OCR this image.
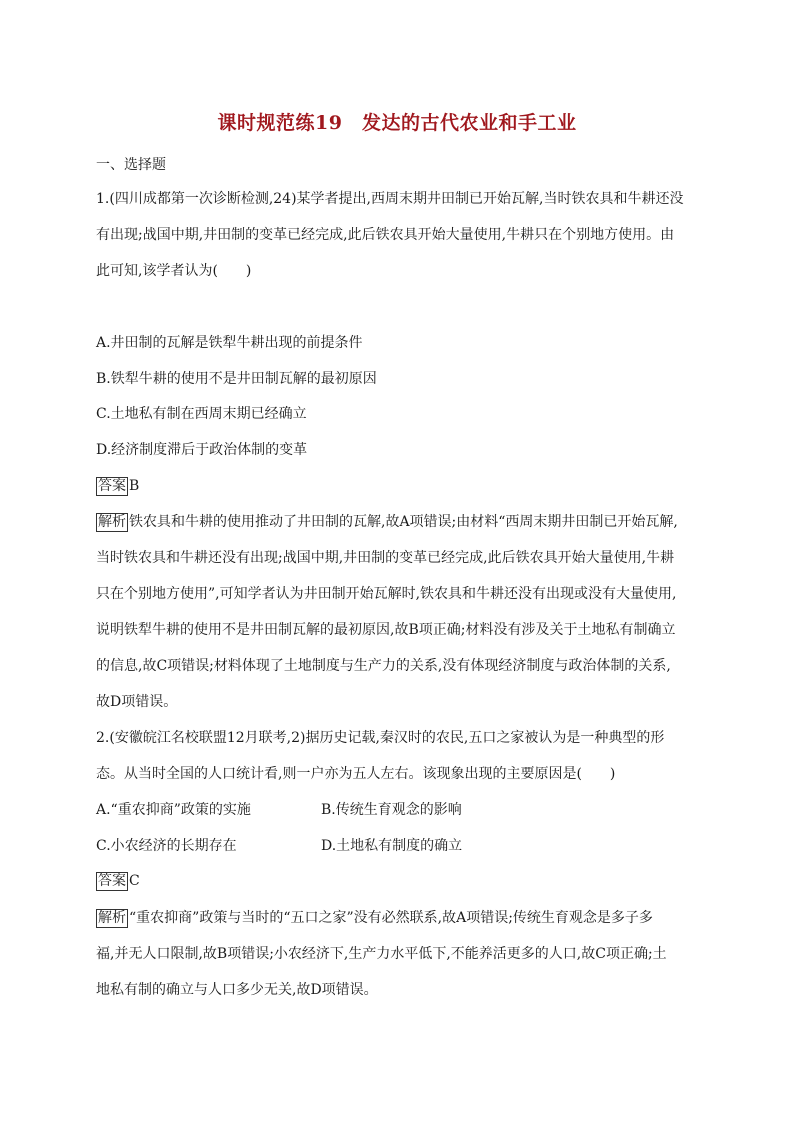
课时规范练19　发达的古代农业和手工业
一、选择题
1.(四川成都第一次诊断检测,24)某学者提出,西周末期井田制已开始瓦解,当时铁农具和牛耕还没
有出现;战国中期,井田制的变革已经完成,此后铁农具开始大量使用,牛耕只在个别地方使用。由
此可知,该学者认为(　　)
A.井田制的瓦解是铁犁牛耕出现的前提条件
B.铁犁牛耕的使用不是井田制瓦解的最初原因
C.土地私有制在西周末期已经确立
D.经济制度滞后于政治体制的变革
答案 B
解析 铁农具和牛耕的使用推动了井田制的瓦解,故A项错误;由材料“西周末期井田制已开始瓦解,
当时铁农具和牛耕还没有出现;战国中期,井田制的变革已经完成,此后铁农具开始大量使用,牛耕
只在个别地方使用”,可知学者认为井田制开始瓦解时,铁农具和牛耕还没有出现或没有大量使用,
说明铁犁牛耕的使用不是井田制瓦解的最初原因,故B项正确;材料没有涉及关于土地私有制确立
的信息,故C项错误;材料体现了土地制度与生产力的关系,没有体现经济制度与政治体制的关系,
故D项错误。
2.(安徽皖江名校联盟12月联考,2)据历史记载,秦汉时的农民,五口之家被认为是一种典型的形
态。从当时全国的人口统计看,则一户亦为五人左右。该现象出现的主要原因是(　　)
A.“重农抑商”政策的实施	B.传统生育观念的影响
C.小农经济的长期存在	D.土地私有制度的确立
答案 C
解析 “重农抑商”政策与当时的“五口之家”没有必然联系,故A项错误;传统生育观念是多子多
福,并无人口限制,故B项错误;小农经济下,生产力水平低下,不能养活更多的人口,故C项正确;土
地私有制的确立与人口多少无关,故D项错误。
